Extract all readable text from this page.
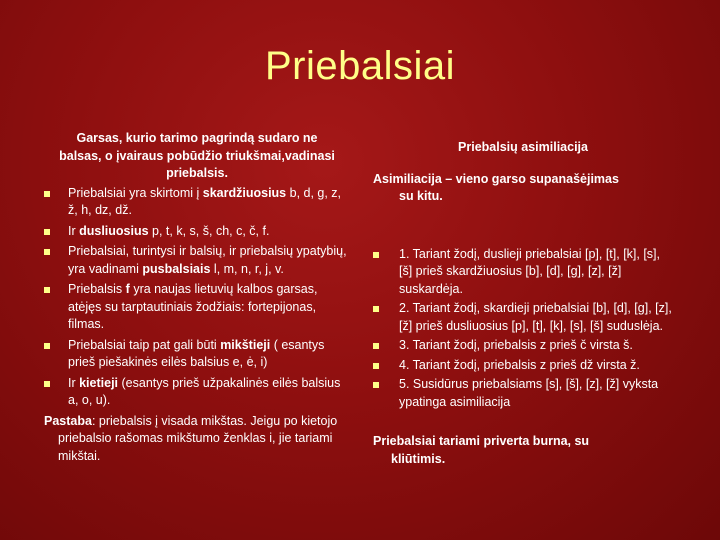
Priebalsiai
Garsas, kurio tarimo pagrindą sudaro ne balsas, o įvairaus pobūdžio triukšmai,vadinasi priebalsis.
Priebalsiai yra skirtomi į skardžiuosius b, d, g, z, ž, h, dz, dž.
Ir dusliuosius p, t, k, s, š, ch, c, č, f.
Priebalsiai, turintysi ir balsių, ir priebalsių ypatybių, yra vadinami pusbalsiais l, m, n, r, j, v.
Priebalsis f yra naujas lietuvių kalbos garsas, atėjęs su tarptautiniais žodžiais: fortepijonas, filmas.
Priebalsiai taip pat gali būti mikštieji ( esantys prieš piešakinės eilės balsius e, ė, i)
Ir kietieji (esantys prieš užpakalinės eilės balsius a, o, u).
Pastaba: priebalsis į visada mikštas. Jeigu po kietojo priebalsio rašomas mikštumo ženklas i, jie tariami mikštai.
Priebalsių asimiliacija
Asimiliacija – vieno garso supanašėjimas
su kitu.
1. Tariant žodį, duslieji priebalsiai [p], [t], [k], [s], [š] prieš skardžiuosius [b], [d], [g], [z], [ž] suskardėja.
2. Tariant žodį, skardieji priebalsiai [b], [d], [g], [z], [ž] prieš dusliuosius [p], [t], [k], [s], [š] suduslėja.
3. Tariant žodį, priebalsis z prieš č virsta š.
4. Tariant žodį, priebalsis z prieš dž virsta ž.
5. Susidūrus priebalsiams [s], [š], [z], [ž] vyksta ypatinga asimiliacija
Priebalsiai tariami priverta burna, su
kliūtimis.
